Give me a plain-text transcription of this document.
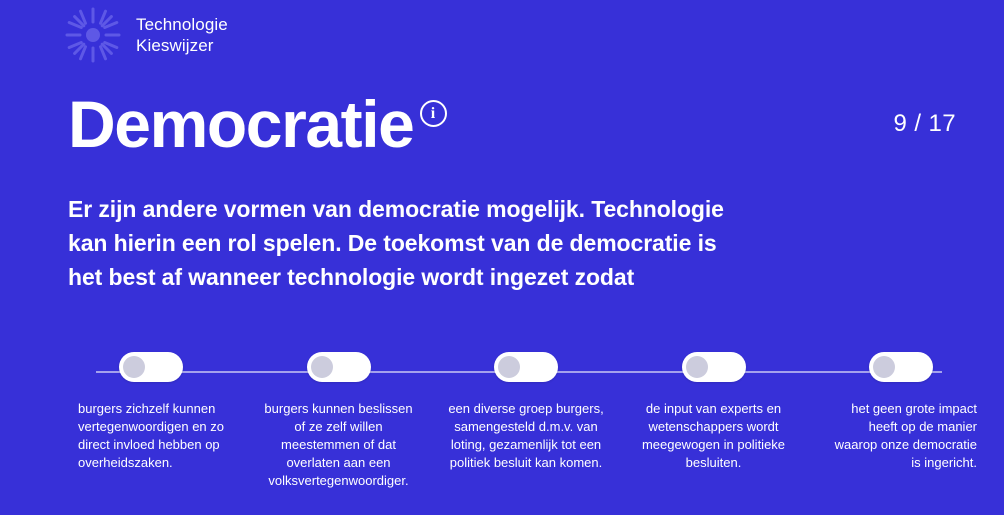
Technologie
Kieswijzer
Democratie	i	9 / 17
Er zijn andere vormen van democratie mogelijk. Technologie kan hierin een rol spelen. De toekomst van de democratie is het best af wanneer technologie wordt ingezet zodat
burgers zichzelf kunnen vertegenwoordigen en zo direct invloed hebben op overheidszaken.
burgers kunnen beslissen of ze zelf willen meestemmen of dat overlaten aan een volksvertegenwoordiger.
een diverse groep burgers, samengesteld d.m.v. van loting, gezamenlijk tot een politiek besluit kan komen.
de input van experts en wetenschappers wordt meegewogen in politieke besluiten.
het geen grote impact heeft op de manier waarop onze democratie is ingericht.
